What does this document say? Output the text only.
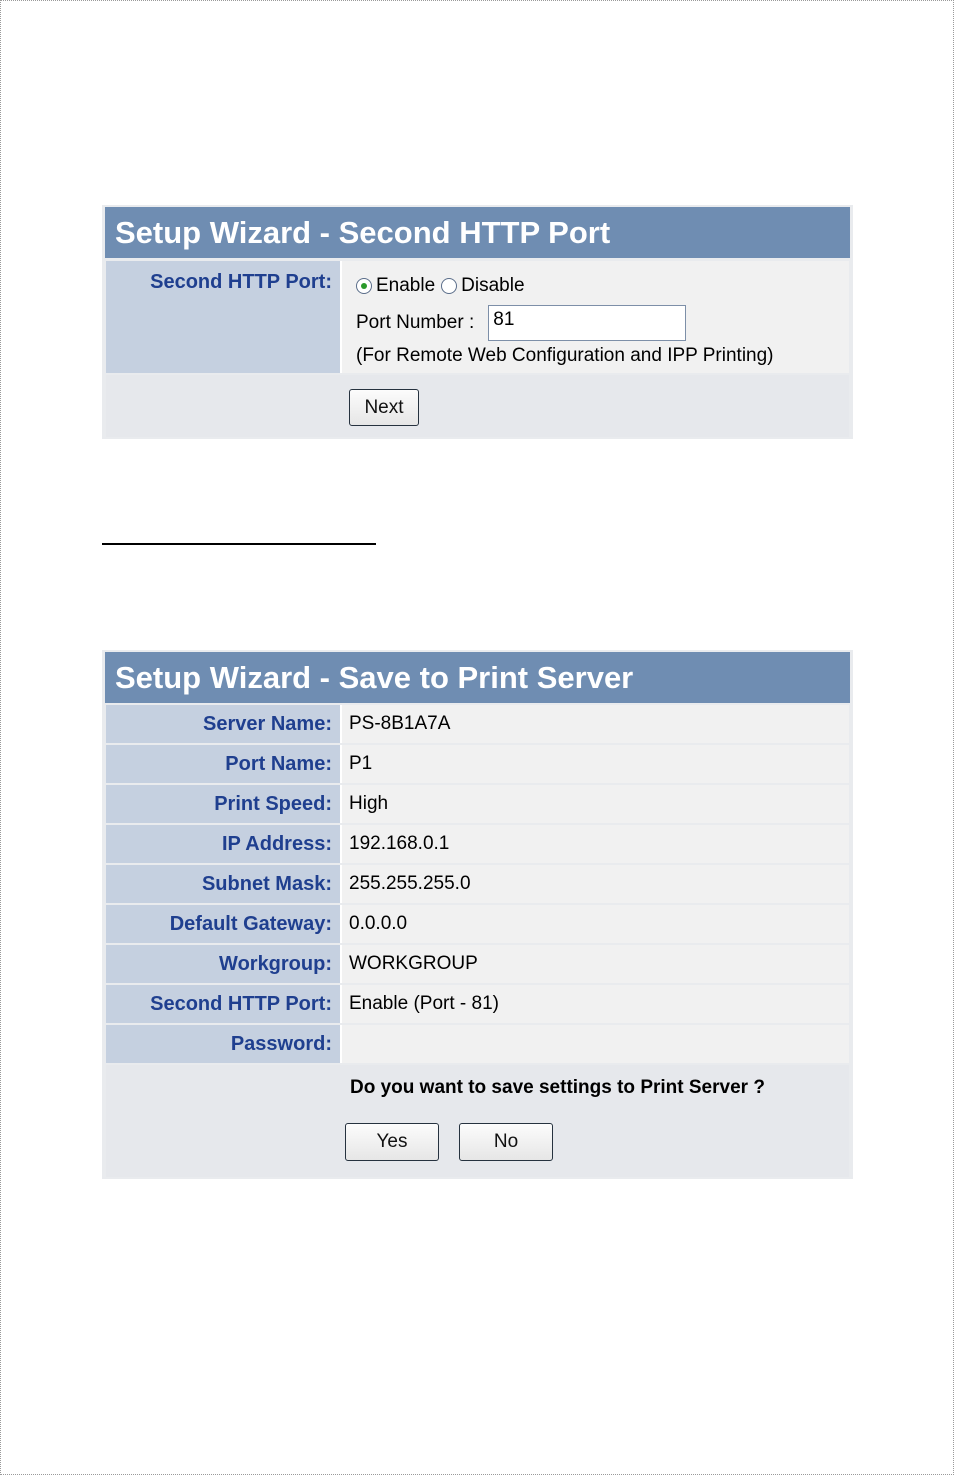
Setup Wizard - Second HTTP Port
Second HTTP Port:	Enable Disable
Port Number :
81
(For Remote Web Configuration and IPP Printing)
Next
Setup Wizard - Save to Print Server
Server Name: PS-8B1A7A
Port Name: P1
Print Speed: High
IP Address: 192.168.0.1
Subnet Mask: 255.255.255.0
Default Gateway: 0.0.0.0
Workgroup: WORKGROUP
Second HTTP Port: Enable (Port - 81)
Password:
Do you want to save settings to Print Server ?
Yes	No
